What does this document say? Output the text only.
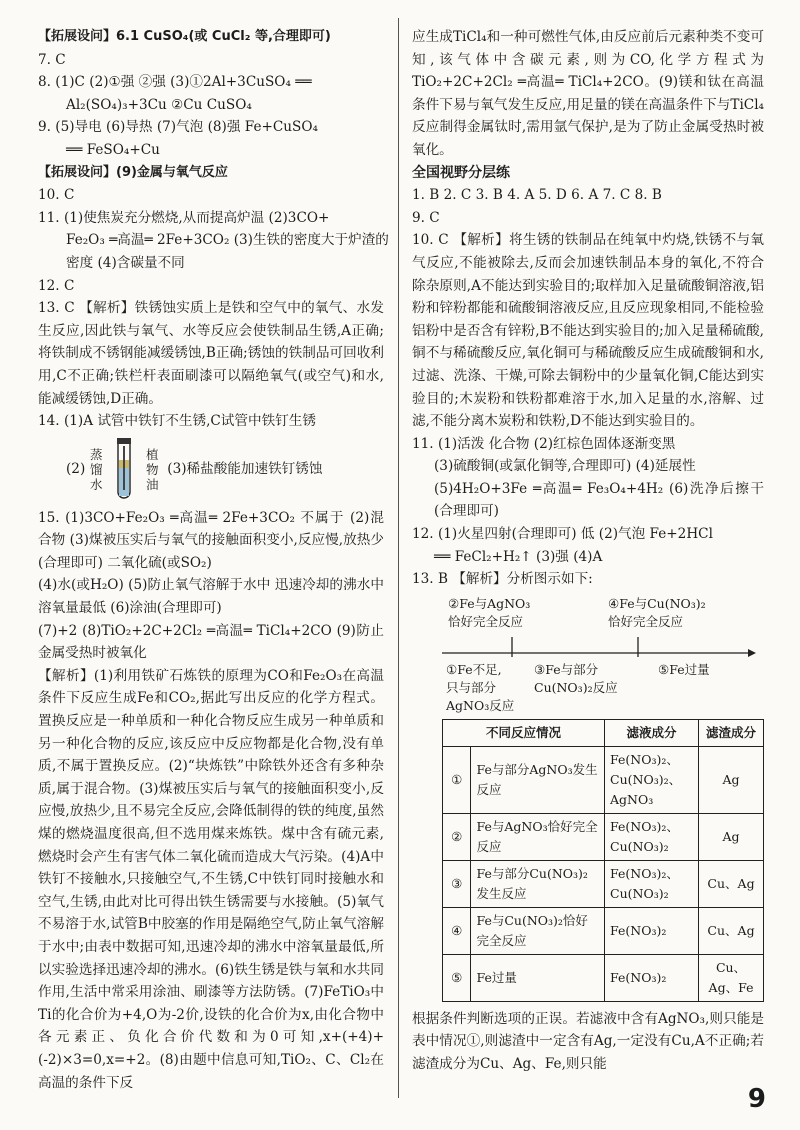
【拓展设问】6.1 CuSO₄(或 CuCl₂ 等,合理即可)
7. C
8. (1)C (2)①强 ②强 (3)①2Al+3CuSO₄ ══
Al₂(SO₄)₃+3Cu ②Cu CuSO₄
9. (5)导电 (6)导热 (7)气泡 (8)强 Fe+CuSO₄
══ FeSO₄+Cu
【拓展设问】(9)金属与氧气反应
10. C
11. (1)使焦炭充分燃烧,从而提高炉温 (2)3CO+
Fe₂O₃ ═高温═ 2Fe+3CO₂ (3)生铁的密度大于炉渣的
密度 (4)含碳量不同
12. C
13. C 【解析】铁锈蚀实质上是铁和空气中的氧气、水发生反应,因此铁与氧气、水等反应会使铁制品生锈,A正确;将铁制成不锈钢能减缓锈蚀,B正确;锈蚀的铁制品可回收利用,C不正确;铁栏杆表面刷漆可以隔绝氧气(或空气)和水,能减缓锈蚀,D正确。
14. (1)A 试管中铁钉不生锈,C试管中铁钉生锈
(2)
蒸
馏
水
植
物
油
(3)稀盐酸能加速铁钉锈蚀
15. (1)3CO+Fe₂O₃ ═高温═ 2Fe+3CO₂ 不属于 (2)混合物 (3)煤被压实后与氧气的接触面积变小,反应慢,放热少(合理即可) 二氧化硫(或SO₂)
(4)水(或H₂O) (5)防止氧气溶解于水中 迅速冷却的沸水中溶氧量最低 (6)涂油(合理即可)
(7)+2 (8)TiO₂+2C+2Cl₂ ═高温═ TiCl₄+2CO (9)防止金属受热时被氧化
【解析】(1)利用铁矿石炼铁的原理为CO和Fe₂O₃在高温条件下反应生成Fe和CO₂,据此写出反应的化学方程式。置换反应是一种单质和一种化合物反应生成另一种单质和另一种化合物的反应,该反应中反应物都是化合物,没有单质,不属于置换反应。(2)“块炼铁”中除铁外还含有多种杂质,属于混合物。(3)煤被压实后与氧气的接触面积变小,反应慢,放热少,且不易完全反应,会降低制得的铁的纯度,虽然煤的燃烧温度很高,但不选用煤来炼铁。煤中含有硫元素,燃烧时会产生有害气体二氧化硫而造成大气污染。(4)A中铁钉不接触水,只接触空气,不生锈,C中铁钉同时接触水和空气,生锈,由此对比可得出铁生锈需要与水接触。(5)氧气不易溶于水,试管B中胶塞的作用是隔绝空气,防止氧气溶解于水中;由表中数据可知,迅速冷却的沸水中溶氧量最低,所以实验选择迅速冷却的沸水。(6)铁生锈是铁与氧和水共同作用,生活中常采用涂油、刷漆等方法防锈。(7)FeTiO₃中Ti的化合价为+4,O为-2价,设铁的化合价为x,由化合物中各元素正、负化合价代数和为0可知,x+(+4)+(-2)×3=0,x=+2。(8)由题中信息可知,TiO₂、C、Cl₂在高温的条件下反
应生成TiCl₄和一种可燃性气体,由反应前后元素种类不变可知,该气体中含碳元素,则为CO,化学方程式为TiO₂+2C+2Cl₂ ═高温═ TiCl₄+2CO。(9)镁和钛在高温条件下易与氧气发生反应,用足量的镁在高温条件下与TiCl₄反应制得金属钛时,需用氩气保护,是为了防止金属受热时被氧化。
全国视野分层练
1. B 2. C 3. B 4. A 5. D 6. A 7. C 8. B
9. C
10. C 【解析】将生锈的铁制品在纯氧中灼烧,铁锈不与氧气反应,不能被除去,反而会加速铁制品本身的氧化,不符合除杂原则,A不能达到实验目的;取样加入足量硫酸铜溶液,铝粉和锌粉都能和硫酸铜溶液反应,且反应现象相同,不能检验铝粉中是否含有锌粉,B不能达到实验目的;加入足量稀硫酸,铜不与稀硫酸反应,氧化铜可与稀硫酸反应生成硫酸铜和水,过滤、洗涤、干燥,可除去铜粉中的少量氧化铜,C能达到实验目的;木炭粉和铁粉都难溶于水,加入足量的水,溶解、过滤,不能分离木炭粉和铁粉,D不能达到实验目的。
11. (1)活泼 化合物 (2)红棕色固体逐渐变黑
(3)硫酸铜(或氯化铜等,合理即可) (4)延展性
(5)4H₂O+3Fe ═高温═ Fe₃O₄+4H₂ (6)洗净后擦干(合理即可)
12. (1)火星四射(合理即可) 低 (2)气泡 Fe+2HCl
══ FeCl₂+H₂↑ (3)强 (4)A
13. B 【解析】分析图示如下:
②Fe与AgNO₃
恰好完全反应
④Fe与Cu(NO₃)₂
恰好完全反应
①Fe不足,
只与部分
AgNO₃反应
③Fe与部分
Cu(NO₃)₂反应
⑤Fe过量
不同反应情况		滤液成分	滤渣成分
①	Fe与部分AgNO₃发生反应	Fe(NO₃)₂、Cu(NO₃)₂、AgNO₃	Ag
②	Fe与AgNO₃恰好完全反应	Fe(NO₃)₂、Cu(NO₃)₂	Ag
③	Fe与部分Cu(NO₃)₂发生反应	Fe(NO₃)₂、Cu(NO₃)₂	Cu、Ag
④	Fe与Cu(NO₃)₂恰好完全反应	Fe(NO₃)₂	Cu、Ag
⑤	Fe过量	Fe(NO₃)₂	Cu、Ag、Fe
根据条件判断选项的正误。若滤液中含有AgNO₃,则只能是表中情况①,则滤渣中一定含有Ag,一定没有Cu,A不正确;若滤渣成分为Cu、Ag、Fe,则只能
9
